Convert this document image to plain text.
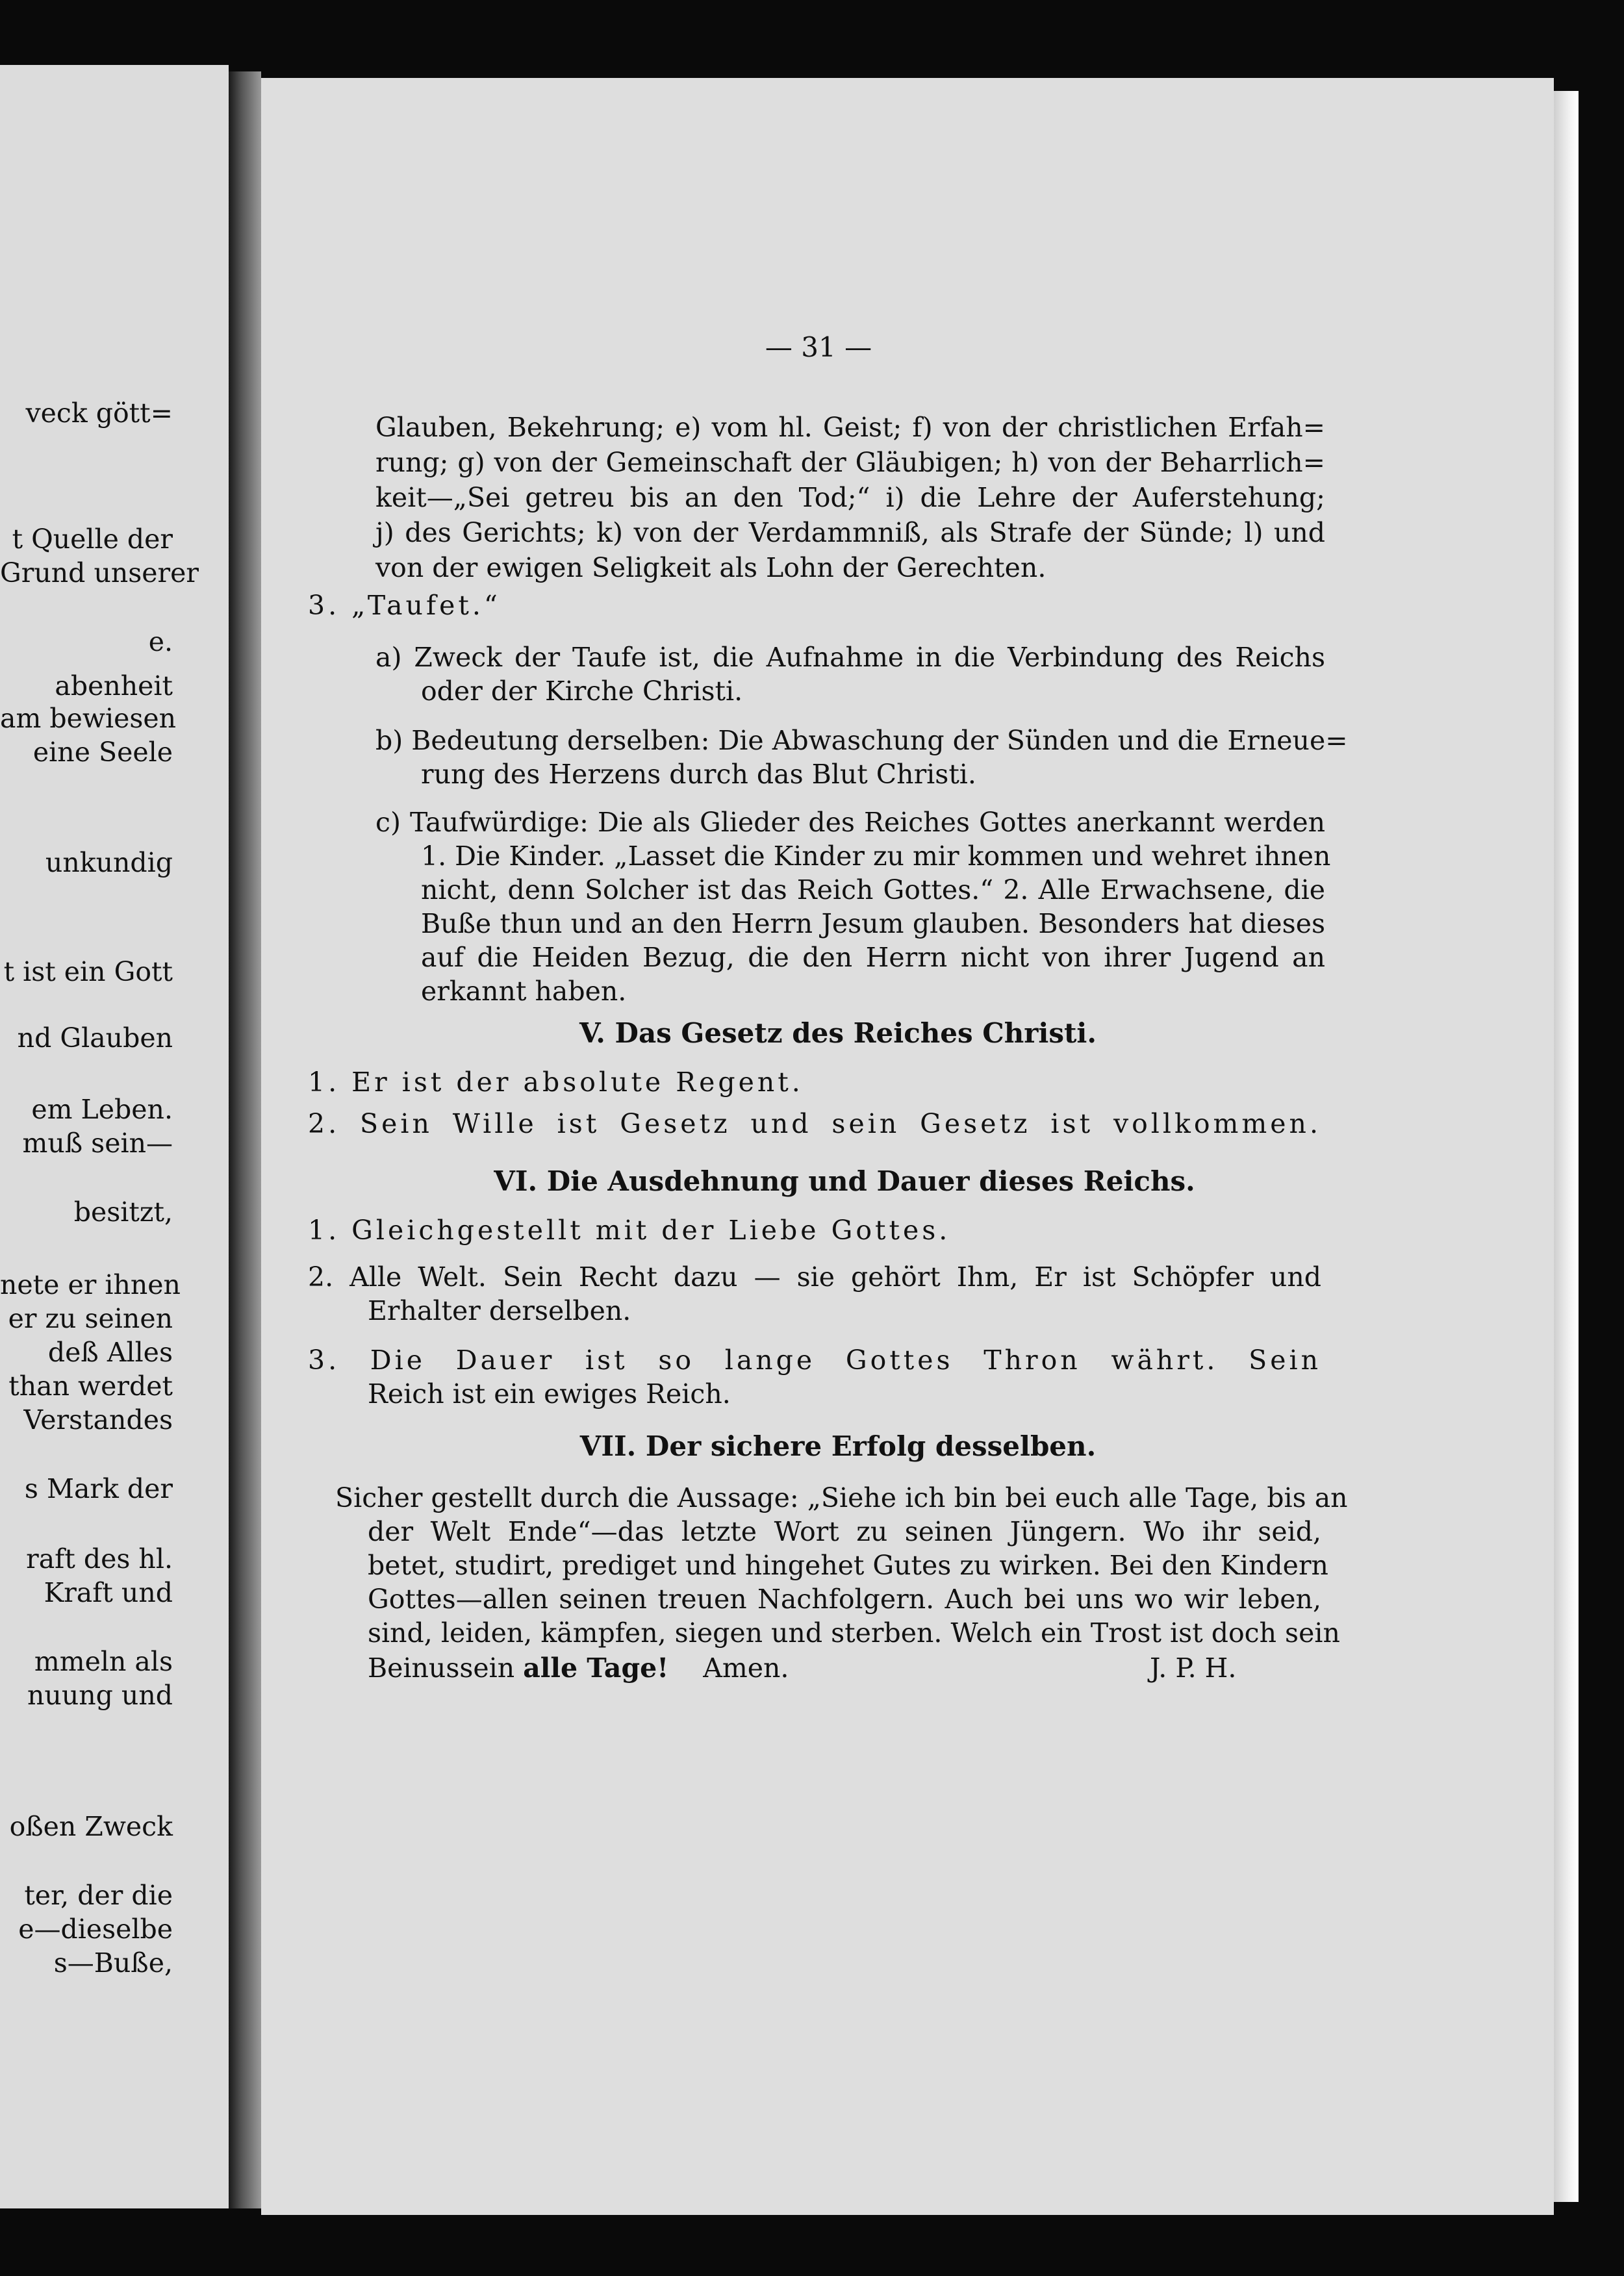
veck gött=
t Quelle der
Grund unserer
e.
abenheit
am bewiesen
eine Seele
unkundig
t ist ein Gott
nd Glauben
em Leben.
muß sein—
besitzt,
nete er ihnen
er zu seinen
deß Alles
than werdet
Verstandes
s Mark der
raft des hl.
Kraft und
mmeln als
nuung und
oßen Zweck
ter, der die
e—dieselbe
s—Buße,
— 31 —
Glauben, Bekehrung; e) vom hl. Geist; f) von der christlichen Erfah=
rung; g) von der Gemeinschaft der Gläubigen; h) von der Beharrlich=
keit—„Sei getreu bis an den Tod;“ i) die Lehre der Auferstehung;
j) des Gerichts; k) von der Verdammniß, als Strafe der Sünde; l) und
von der ewigen Seligkeit als Lohn der Gerechten.
3. „Taufet.“
a) Zweck der Taufe ist, die Aufnahme in die Verbindung des Reichs
oder der Kirche Christi.
b) Bedeutung derselben: Die Abwaschung der Sünden und die Erneue=
rung des Herzens durch das Blut Christi.
c) Taufwürdige: Die als Glieder des Reiches Gottes anerkannt werden
1. Die Kinder. „Lasset die Kinder zu mir kommen und wehret ihnen
nicht, denn Solcher ist das Reich Gottes.“ 2. Alle Erwachsene, die
Buße thun und an den Herrn Jesum glauben. Besonders hat dieses
auf die Heiden Bezug, die den Herrn nicht von ihrer Jugend an
erkannt haben.
V. Das Gesetz des Reiches Christi.
1. Er ist der absolute Regent.
2. Sein Wille ist Gesetz und sein Gesetz ist vollkommen.
VI. Die Ausdehnung und Dauer dieses Reichs.
1. Gleichgestellt mit der Liebe Gottes.
2. Alle Welt. Sein Recht dazu — sie gehört Ihm, Er ist Schöpfer und
Erhalter derselben.
3. Die Dauer ist so lange Gottes Thron währt. Sein
Reich ist ein ewiges Reich.
VII. Der sichere Erfolg desselben.
Sicher gestellt durch die Aussage: „Siehe ich bin bei euch alle Tage, bis an
der Welt Ende“—das letzte Wort zu seinen Jüngern. Wo ihr seid,
betet, studirt, prediget und hingehet Gutes zu wirken. Bei den Kindern
Gottes—allen seinen treuen Nachfolgern. Auch bei uns wo wir leben,
sind, leiden, kämpfen, siegen und sterben. Welch ein Trost ist doch sein
Beinussein alle Tage! Amen.	J. P. H.
